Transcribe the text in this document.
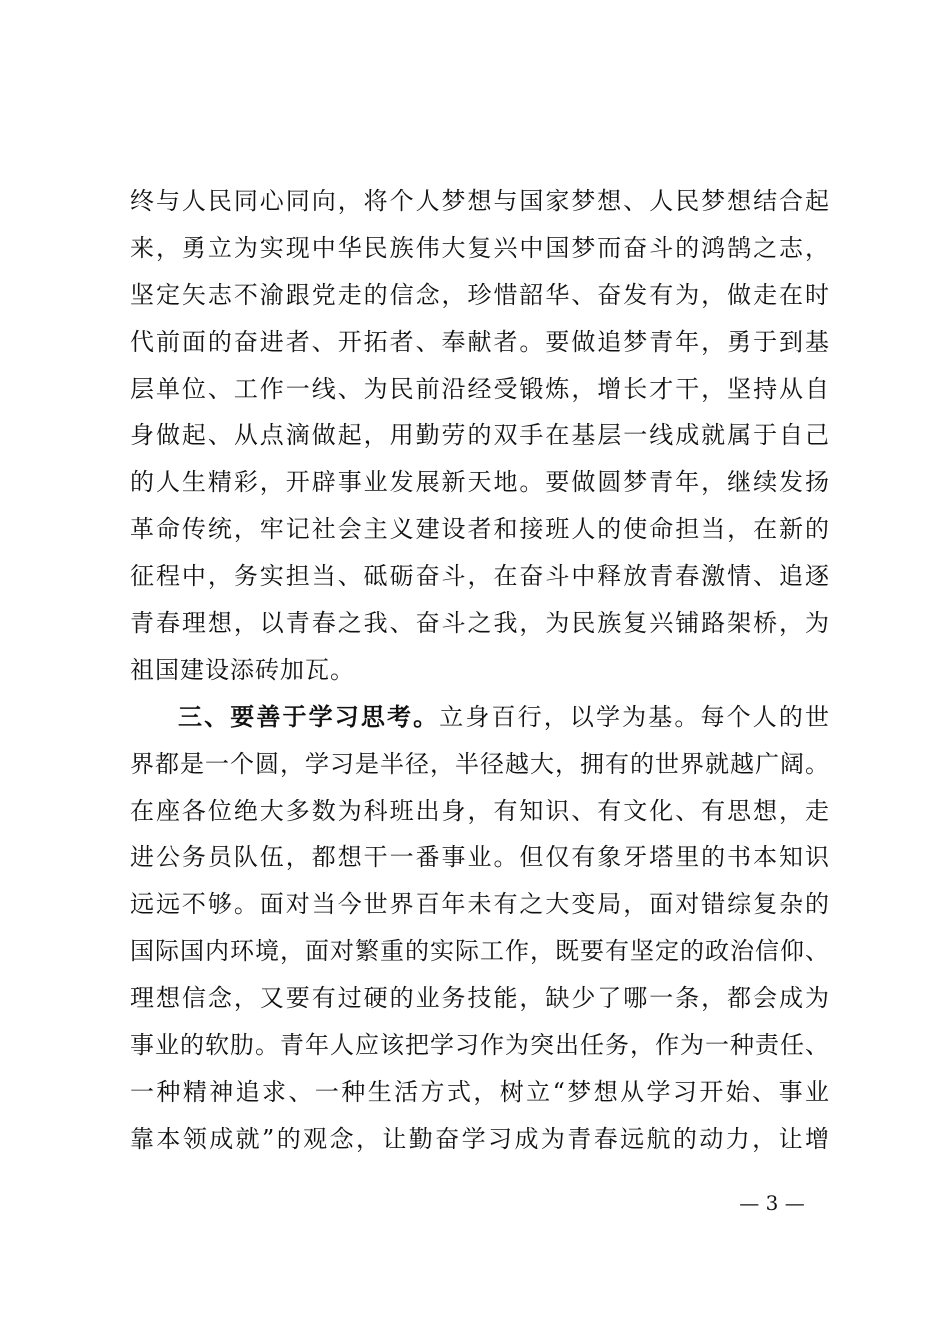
终与人民同心同向，将个人梦想与国家梦想、人民梦想结合起
来，勇立为实现中华民族伟大复兴中国梦而奋斗的鸿鹄之志，
坚定矢志不渝跟党走的信念，珍惜韶华、奋发有为，做走在时
代前面的奋进者、开拓者、奉献者。要做追梦青年，勇于到基
层单位、工作一线、为民前沿经受锻炼，增长才干，坚持从自
身做起、从点滴做起，用勤劳的双手在基层一线成就属于自己
的人生精彩，开辟事业发展新天地。要做圆梦青年，继续发扬
革命传统，牢记社会主义建设者和接班人的使命担当，在新的
征程中，务实担当、砥砺奋斗，在奋斗中释放青春激情、追逐
青春理想，以青春之我、奋斗之我，为民族复兴铺路架桥，为
祖国建设添砖加瓦。
三、要善于学习思考。立身百行，以学为基。每个人的世
界都是一个圆，学习是半径，半径越大，拥有的世界就越广阔。
在座各位绝大多数为科班出身，有知识、有文化、有思想，走
进公务员队伍，都想干一番事业。但仅有象牙塔里的书本知识
远远不够。面对当今世界百年未有之大变局，面对错综复杂的
国际国内环境，面对繁重的实际工作，既要有坚定的政治信仰、
理想信念，又要有过硬的业务技能，缺少了哪一条，都会成为
事业的软肋。青年人应该把学习作为突出任务，作为一种责任、
一种精神追求、一种生活方式，树立“梦想从学习开始、事业
靠本领成就”的观念，让勤奋学习成为青春远航的动力，让增
— 3 —
